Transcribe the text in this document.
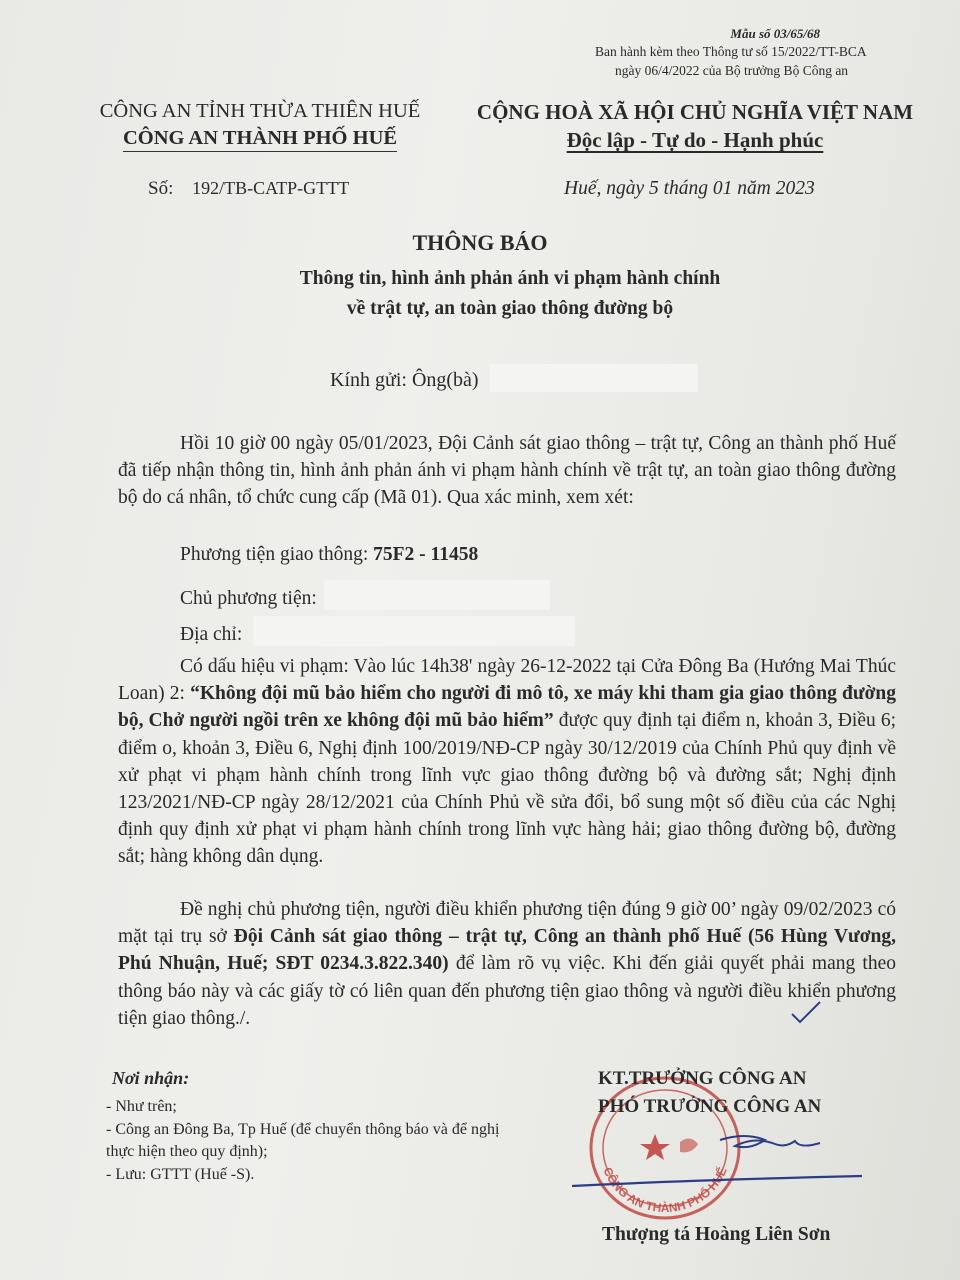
Mẫu số 03/65/68
Ban hành kèm theo Thông tư số 15/2022/TT-BCA
ngày 06/4/2022 của Bộ trưởng Bộ Công an
CÔNG AN TỈNH THỪA THIÊN HUẾ
CÔNG AN THÀNH PHỐ HUẾ
CỘNG HOÀ XÃ HỘI CHỦ NGHĨA VIỆT NAM
Độc lập - Tự do - Hạnh phúc
Số: 192/TB-CATP-GTTT	Huế, ngày 5 tháng 01 năm 2023
THÔNG BÁO
Thông tin, hình ảnh phản ánh vi phạm hành chính
về trật tự, an toàn giao thông đường bộ
Kính gửi: Ông(bà)
Hồi 10 giờ 00 ngày 05/01/2023, Đội Cảnh sát giao thông – trật tự, Công an thành phố Huế đã tiếp nhận thông tin, hình ảnh phản ánh vi phạm hành chính về trật tự, an toàn giao thông đường bộ do cá nhân, tổ chức cung cấp (Mã 01). Qua xác minh, xem xét:
Phương tiện giao thông: 75F2 - 11458
Chủ phương tiện:
Địa chỉ:
Có dấu hiệu vi phạm: Vào lúc 14h38' ngày 26-12-2022 tại Cửa Đông Ba (Hướng Mai Thúc Loan) 2: “Không đội mũ bảo hiểm cho người đi mô tô, xe máy khi tham gia giao thông đường bộ, Chở người ngồi trên xe không đội mũ bảo hiểm” được quy định tại điểm n, khoản 3, Điều 6; điểm o, khoản 3, Điều 6, Nghị định 100/2019/NĐ-CP ngày 30/12/2019 của Chính Phủ quy định về xử phạt vi phạm hành chính trong lĩnh vực giao thông đường bộ và đường sắt; Nghị định 123/2021/NĐ-CP ngày 28/12/2021 của Chính Phủ về sửa đổi, bổ sung một số điều của các Nghị định quy định xử phạt vi phạm hành chính trong lĩnh vực hàng hải; giao thông đường bộ, đường sắt; hàng không dân dụng.
Đề nghị chủ phương tiện, người điều khiển phương tiện đúng 9 giờ 00’ ngày 09/02/2023 có mặt tại trụ sở Đội Cảnh sát giao thông – trật tự, Công an thành phố Huế (56 Hùng Vương, Phú Nhuận, Huế; SĐT 0234.3.822.340) để làm rõ vụ việc. Khi đến giải quyết phải mang theo thông báo này và các giấy tờ có liên quan đến phương tiện giao thông và người điều khiển phương tiện giao thông./.
Nơi nhận:
- Như trên;
- Công an Đông Ba, Tp Huế (để chuyển thông báo và để nghị thực hiện theo quy định);
- Lưu: GTTT (Huế -S).	CÔNG AN THÀNH PHỐ HUẾ
KT.TRƯỞNG CÔNG AN
PHÓ TRƯỞNG CÔNG AN
Thượng tá Hoàng Liên Sơn
